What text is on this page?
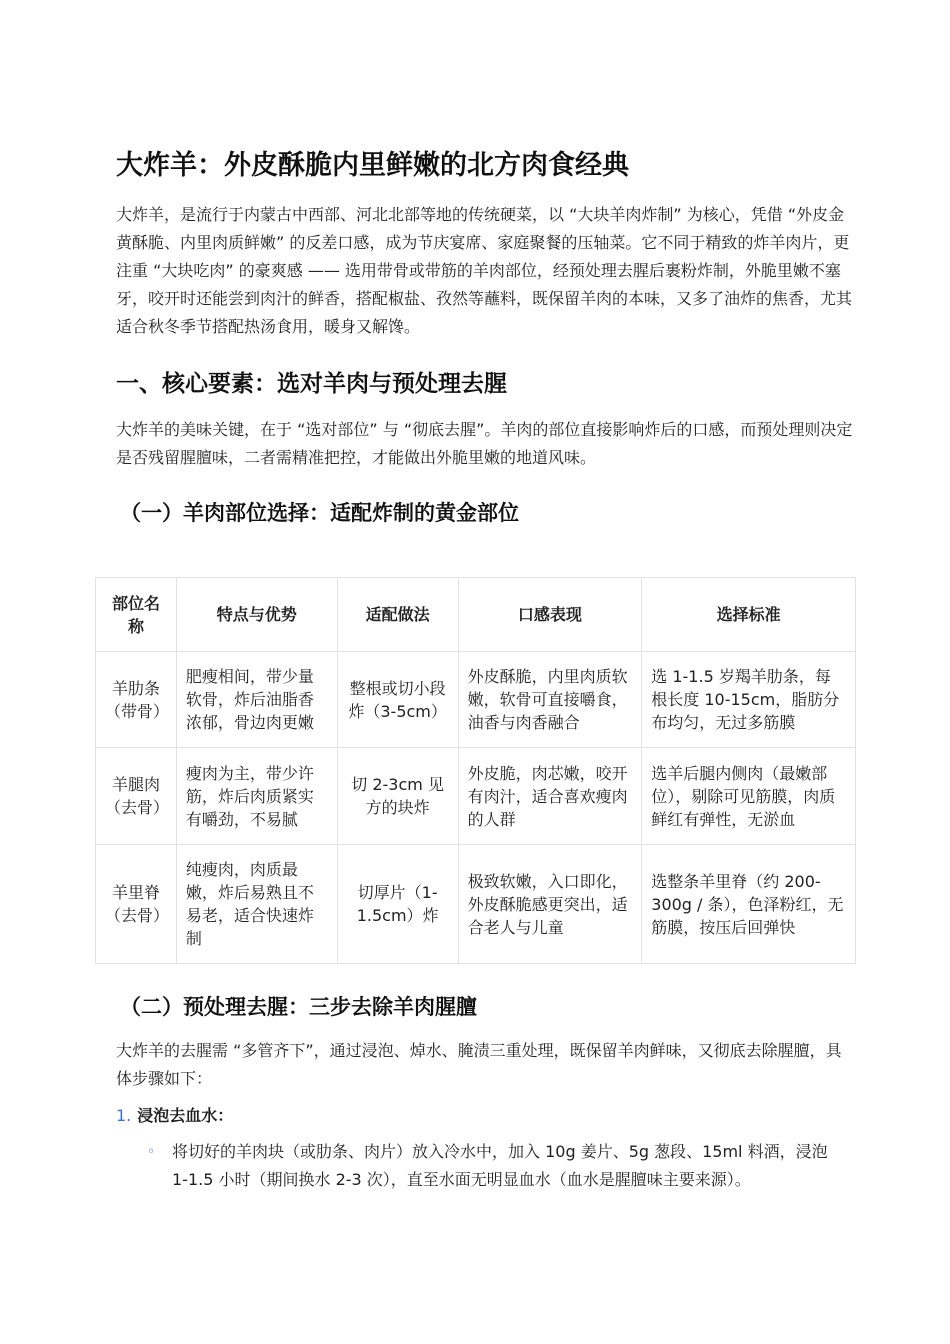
大炸羊：外皮酥脆内里鲜嫩的北方肉食经典

大炸羊，是流行于内蒙古中西部、河北北部等地的传统硬菜，以 “大块羊肉炸制” 为核心，凭借 “外皮金黄酥脆、内里肉质鲜嫩” 的反差口感，成为节庆宴席、家庭聚餐的压轴菜。它不同于精致的炸羊肉片，更注重 “大块吃肉” 的豪爽感 —— 选用带骨或带筋的羊肉部位，经预处理去腥后裹粉炸制，外脆里嫩不塞牙，咬开时还能尝到肉汁的鲜香，搭配椒盐、孜然等蘸料，既保留羊肉的本味，又多了油炸的焦香，尤其适合秋冬季节搭配热汤食用，暖身又解馋。

一、核心要素：选对羊肉与预处理去腥

大炸羊的美味关键，在于 “选对部位” 与 “彻底去腥”。羊肉的部位直接影响炸后的口感，而预处理则决定是否残留腥膻味，二者需精准把控，才能做出外脆里嫩的地道风味。

（一）羊肉部位选择：适配炸制的黄金部位
部位名称	特点与优势	适配做法	口感表现	选择标准
羊肋条（带骨）	肥瘦相间，带少量软骨，炸后油脂香浓郁，骨边肉更嫩	整根或切小段炸（3-5cm）	外皮酥脆，内里肉质软嫩，软骨可直接嚼食，油香与肉香融合	选 1-1.5 岁羯羊肋条，每根长度 10-15cm，脂肪分布均匀，无过多筋膜
羊腿肉（去骨）	瘦肉为主，带少许筋，炸后肉质紧实有嚼劲，不易腻	切 2-3cm 见方的块炸	外皮脆，肉芯嫩，咬开有肉汁，适合喜欢瘦肉的人群	选羊后腿内侧肉（最嫩部位），剔除可见筋膜，肉质鲜红有弹性，无淤血
羊里脊（去骨）	纯瘦肉，肉质最嫩，炸后易熟且不易老，适合快速炸制	切厚片（1-1.5cm）炸	极致软嫩，入口即化，外皮酥脆感更突出，适合老人与儿童	选整条羊里脊（约 200-300g / 条），色泽粉红，无筋膜，按压后回弹快
（二）预处理去腥：三步去除羊肉腥膻

大炸羊的去腥需 “多管齐下”，通过浸泡、焯水、腌渍三重处理，既保留羊肉鲜味，又彻底去除腥膻，具体步骤如下：

1. 浸泡去血水：
◦ 将切好的羊肉块（或肋条、肉片）放入冷水中，加入 10g 姜片、5g 葱段、15ml 料酒，浸泡 1-1.5 小时（期间换水 2-3 次），直至水面无明显血水（血水是腥膻味主要来源）。
